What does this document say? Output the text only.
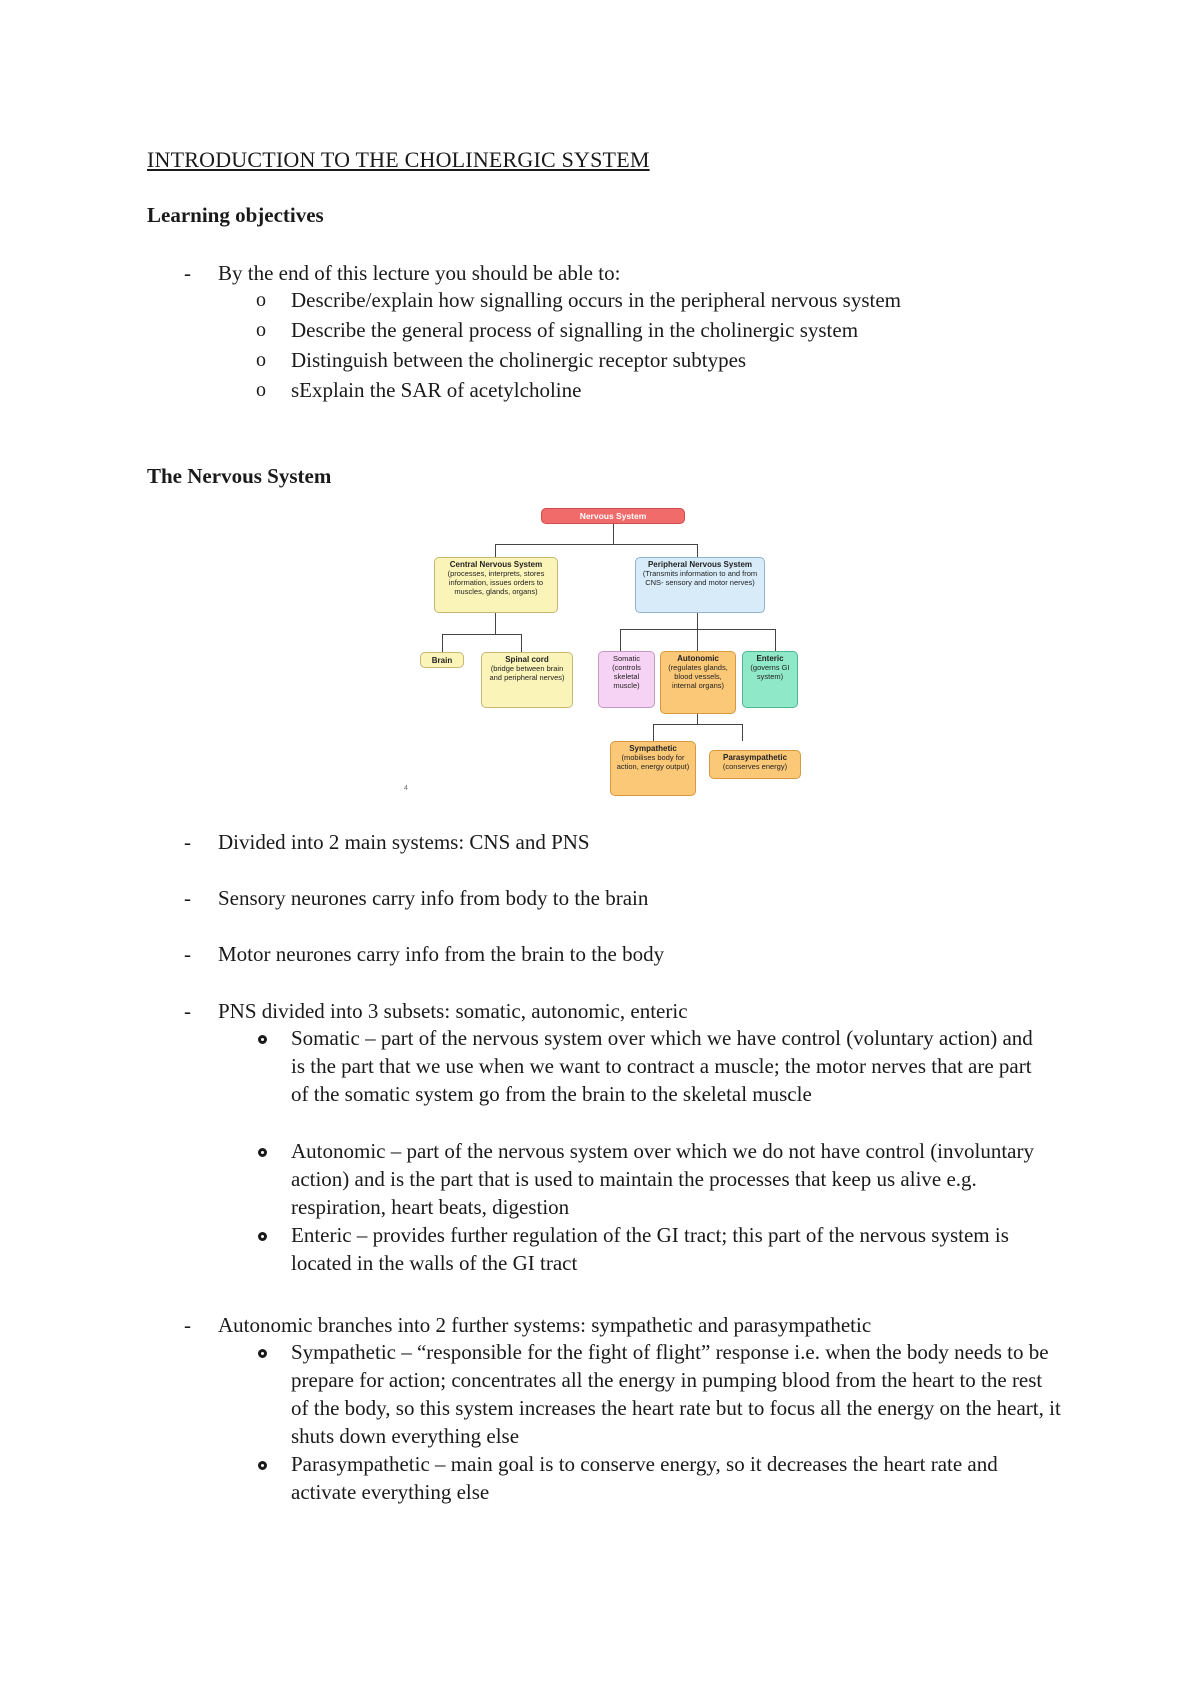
INTRODUCTION TO THE CHOLINERGIC SYSTEM
Learning objectives
- By the end of this lecture you should be able to:
o Describe/explain how signalling occurs in the peripheral nervous system
o Describe the general process of signalling in the cholinergic system
o Distinguish between the cholinergic receptor subtypes
o sExplain the SAR of acetylcholine
The Nervous System
Nervous System
Central Nervous System
(processes, interprets, stores information, issues orders to muscles, glands, organs)
Peripheral Nervous System
(Transmits information to and from CNS- sensory and motor nerves)
Brain	Spinal cord
(bridge between brain and peripheral nerves)
Somatic (controls skeletal muscle)
Autonomic
(regulates glands, blood vessels, internal organs)
Enteric
(governs GI system)
Sympathetic
(mobilises body for action, energy output)
Parasympathetic
(conserves energy)
4
- Divided into 2 main systems: CNS and PNS
- Sensory neurones carry info from body to the brain
- Motor neurones carry info from the brain to the body
- PNS divided into 3 subsets: somatic, autonomic, enteric
Somatic – part of the nervous system over which we have control (voluntary action) and is the part that we use when we want to contract a muscle; the motor nerves that are part of the somatic system go from the brain to the skeletal muscle
Autonomic – part of the nervous system over which we do not have control (involuntary action) and is the part that is used to maintain the processes that keep us alive e.g. respiration, heart beats, digestion
Enteric – provides further regulation of the GI tract; this part of the nervous system is located in the walls of the GI tract
- Autonomic branches into 2 further systems: sympathetic and parasympathetic
Sympathetic – “responsible for the fight of flight” response i.e. when the body needs to be prepare for action; concentrates all the energy in pumping blood from the heart to the rest of the body, so this system increases the heart rate but to focus all the energy on the heart, it shuts down everything else
Parasympathetic – main goal is to conserve energy, so it decreases the heart rate and activate everything else
